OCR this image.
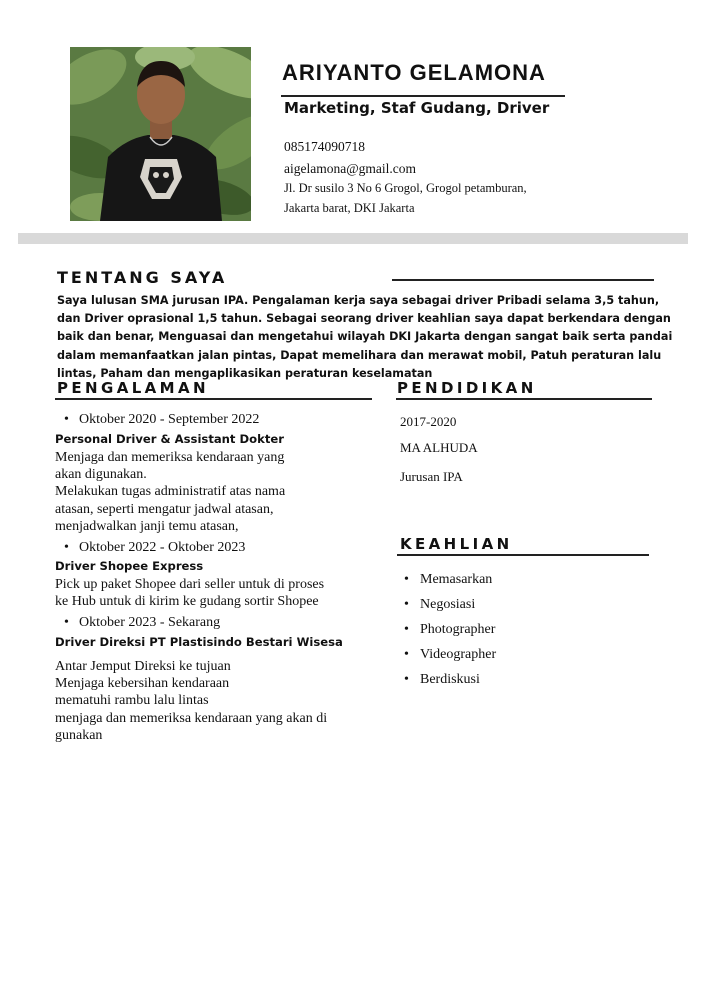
ARIYANTO GELAMONA
Marketing, Staf Gudang, Driver
085174090718
aigelamona@gmail.com
Jl. Dr susilo 3 No 6 Grogol, Grogol petamburan,
Jakarta barat, DKI Jakarta
TENTANG SAYA
Saya lulusan SMA jurusan IPA. Pengalaman kerja saya sebagai driver Pribadi selama 3,5 tahun,
dan Driver oprasional 1,5 tahun. Sebagai seorang driver keahlian saya dapat berkendara dengan
baik dan benar, Menguasai dan mengetahui wilayah DKI Jakarta dengan sangat baik serta pandai
dalam memanfaatkan jalan pintas, Dapat memelihara dan merawat mobil, Patuh peraturan lalu
lintas, Paham dan mengaplikasikan peraturan keselamatan
PENGALAMAN
• Oktober 2020 - September 2022
Personal Driver & Assistant Dokter
Menjaga dan memeriksa kendaraan yang
akan digunakan.
Melakukan tugas administratif atas nama
atasan, seperti mengatur jadwal atasan,
menjadwalkan janji temu atasan,
• Oktober 2022 - Oktober 2023
Driver Shopee Express
Pick up paket Shopee dari seller untuk di proses
ke Hub untuk di kirim ke gudang sortir Shopee
• Oktober 2023 - Sekarang
Driver Direksi PT Plastisindo Bestari Wisesa
Antar Jemput Direksi ke tujuan
Menjaga kebersihan kendaraan
mematuhi rambu lalu lintas
menjaga dan memeriksa kendaraan yang akan di
gunakan
PENDIDIKAN
2017-2020
MA ALHUDA
Jurusan IPA
KEAHLIAN
• Memasarkan
• Negosiasi
• Photographer
• Videographer
• Berdiskusi
